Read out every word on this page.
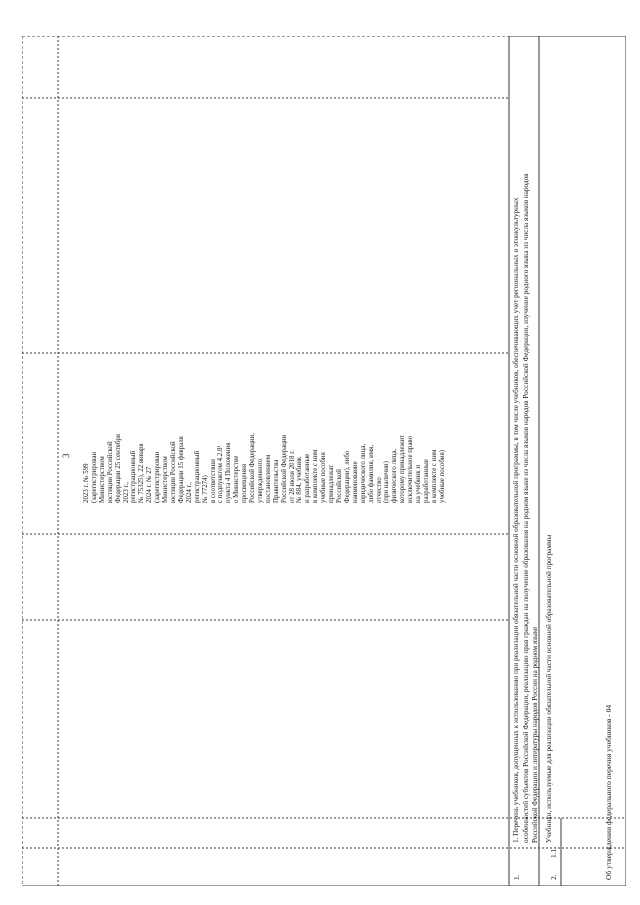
3
2023 г. № 599 (зарегистрирован Министерством юстиции Российской Федерации 25 сентября 2023 г., регистрационный № 75325), 22 января 2024 г. № 27 (зарегистрирован Министерством юстиции Российской Федерации 15 февраля 2024 г., регистрационный № 77274) в соответствии с подпунктом 4.2.8¹ пункта 4 Положения о Министерстве просвещения Российской Федерации, утвержденного постановлением Правительства Российской Федерации от 28 июля 2018 г. № 884, учебник и разработанные в комплекте с ним учебные пособия принадлежат Российской Федерации), либо наименование юридического лица, либо фамилия, имя, отчество (при наличии) физического лица, которому принадлежит исключительное право на учебник и разработанные в комплекте с ним учебные пособия)
1.	2.
1.1.
1. Перечень учебников, допущенных к использованию при реализации обязательной части основной образовательной программы, в том числе учебников, обеспечивающих учет региональных и этнокультурных особенностей субъектов Российской Федерации, реализацию прав граждан на получение образования на родном языке из числа языков народов Российской Федерации, изучение родного языка из числа языков народов Российской Федерации и литературы народов России на родном языке Учебники, используемые для реализации обязательной части основной образовательной программы	Об утверждении федерального перечня учебников - 04
